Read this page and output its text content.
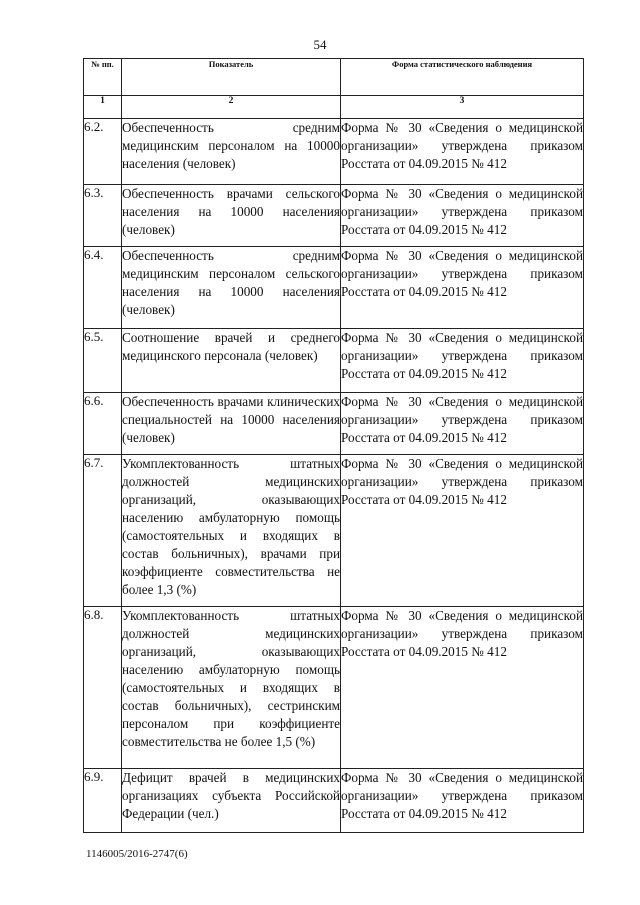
54
№ пп.	Показатель	Форма статистического наблюдения
1	2	3
6.2.	Обеспеченность средним медицинским персоналом на 10000 населения (человек)	Форма № 30 «Сведения о медицинской организации» утверждена приказом Росстата от 04.09.2015 № 412
6.3.	Обеспеченность врачами сельского населения на 10000 населения (человек)	Форма № 30 «Сведения о медицинской организации» утверждена приказом Росстата от 04.09.2015 № 412
6.4.	Обеспеченность средним медицинским персоналом сельского населения на 10000 населения (человек)	Форма № 30 «Сведения о медицинской организации» утверждена приказом Росстата от 04.09.2015 № 412
6.5.	Соотношение врачей и среднего медицинского персонала (человек)	Форма № 30 «Сведения о медицинской организации» утверждена приказом Росстата от 04.09.2015 № 412
6.6.	Обеспеченность врачами клинических специальностей на 10000 населения (человек)	Форма № 30 «Сведения о медицинской организации» утверждена приказом Росстата от 04.09.2015 № 412
6.7.	Укомплектованность штатных должностей медицинских организаций, оказывающих населению амбулаторную помощь (самостоятельных и входящих в состав больничных), врачами при коэффициенте совместительства не более 1,3 (%)	Форма № 30 «Сведения о медицинской организации» утверждена приказом Росстата от 04.09.2015 № 412
6.8.	Укомплектованность штатных должностей медицинских организаций, оказывающих населению амбулаторную помощь (самостоятельных и входящих в состав больничных), сестринским персоналом при коэффициенте совместительства не более 1,5 (%)	Форма № 30 «Сведения о медицинской организации» утверждена приказом Росстата от 04.09.2015 № 412
6.9.	Дефицит врачей в медицинских организациях субъекта Российской Федерации (чел.)	Форма № 30 «Сведения о медицинской организации» утверждена приказом Росстата от 04.09.2015 № 412
1146005/2016-2747(6)
